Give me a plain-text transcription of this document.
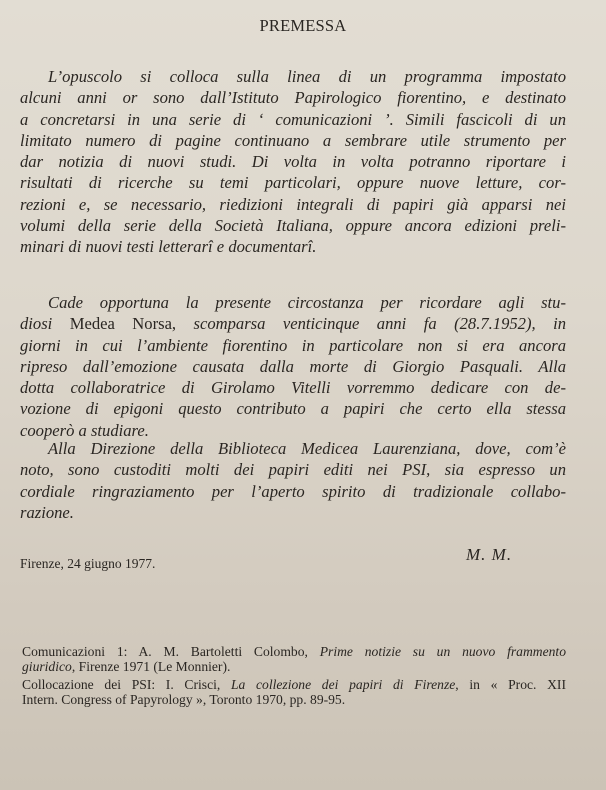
PREMESSA
L’opuscolo si colloca sulla linea di un programma impostato
alcuni anni or sono dall’Istituto Papirologico fiorentino, e destinato
a concretarsi in una serie di ‘ comunicazioni ’. Simili fascicoli di un
limitato numero di pagine continuano a sembrare utile strumento per
dar notizia di nuovi studi. Di volta in volta potranno riportare i
risultati di ricerche su temi particolari, oppure nuove letture, cor-
rezioni e, se necessario, riedizioni integrali di papiri già apparsi nei
volumi della serie della Società Italiana, oppure ancora edizioni preli-
minari di nuovi testi letterarî e documentarî.
Cade opportuna la presente circostanza per ricordare agli stu-
diosi Medea Norsa, scomparsa venticinque anni fa (28.7.1952), in
giorni in cui l’ambiente fiorentino in particolare non si era ancora
ripreso dall’emozione causata dalla morte di Giorgio Pasquali. Alla
dotta collaboratrice di Girolamo Vitelli vorremmo dedicare con de-
vozione di epigoni questo contributo a papiri che certo ella stessa
cooperò a studiare.
Alla Direzione della Biblioteca Medicea Laurenziana, dove, com’è
noto, sono custoditi molti dei papiri editi nei PSI, sia espresso un
cordiale ringraziamento per l’aperto spirito di tradizionale collabo-
razione.
M. M.
Firenze, 24 giugno 1977.
Comunicazioni 1: A. M. Bartoletti Colombo, Prime notizie su un nuovo frammento
giuridico, Firenze 1971 (Le Monnier).
Collocazione dei PSI: I. Crisci, La collezione dei papiri di Firenze, in « Proc. XII
Intern. Congress of Papyrology », Toronto 1970, pp. 89-95.
